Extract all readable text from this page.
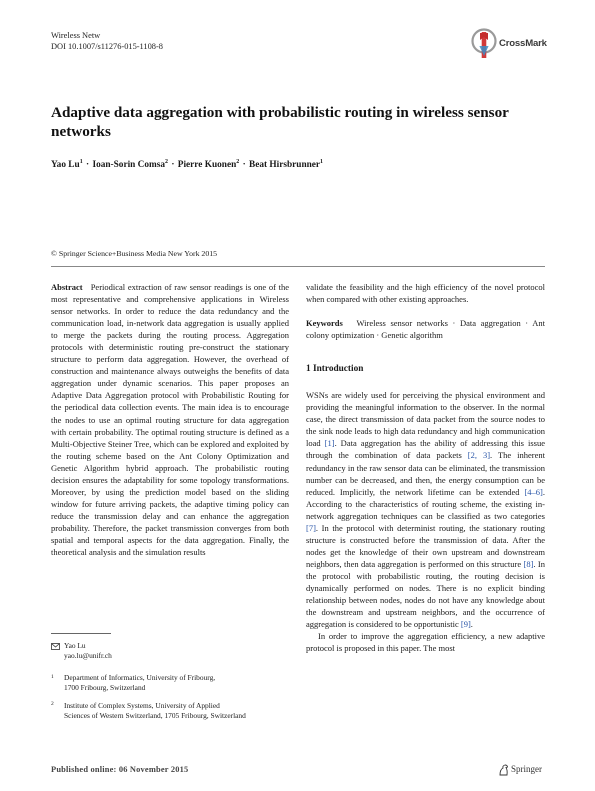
Wireless Netw
DOI 10.1007/s11276-015-1108-8	CrossMark
Adaptive data aggregation with probabilistic routing in wireless sensor networks
Yao $Lu^1$ · Ioan-Sorin Comsa$^2$ · Pierre Kuonen$^2$ · Beat Hirsbrunner$^1$
© Springer Science+Business Media New York 2015

Abstract Periodical extraction of raw sensor readings is one of the most representative and comprehensive applications in Wireless sensor networks. In order to reduce the data redundancy and the communication load, in-network data aggregation is usually applied to merge the packets during the routing process. Aggregation protocols with deterministic routing pre-construct the stationary structure to perform data aggregation. However, the overhead of construction and maintenance always outweighs the benefits of data aggregation under dynamic scenarios. This paper proposes an Adaptive Data Aggregation protocol with Probabilistic Routing for the periodical data collection events. The main idea is to encourage the nodes to use an optimal routing structure for data aggregation with certain probability. The optimal routing structure is defined as a Multi-Objective Steiner Tree, which can be explored and exploited by the routing scheme based on the Ant Colony Optimization and Genetic Algorithm hybrid approach. The probabilistic routing decision ensures the adaptability for some topology transformations. Moreover, by using the prediction model based on the sliding window for future arriving packets, the adaptive timing policy can reduce the transmission delay and can enhance the aggregation probability. Therefore, the packet transmission converges from both spatial and temporal aspects for the data aggregation. Finally, the theoretical analysis and the simulation results

validate the feasibility and the high efficiency of the novel protocol when compared with other existing approaches.

Keywords Wireless sensor networks · Data aggregation · Ant colony optimization · Genetic algorithm

1 Introduction

WSNs are widely used for perceiving the physical environment and providing the meaningful information to the observer. In the normal case, the direct transmission of data packet from the source nodes to the sink node leads to high data redundancy and high communication load [1]. Data aggregation has the ability of addressing this issue through the combination of data packets [2, 3]. The inherent redundancy in the raw sensor data can be eliminated, the transmission number can be decreased, and then, the energy consumption can be reduced. Implicitly, the network lifetime can be extended [4–6]. According to the characteristics of routing scheme, the existing in-network aggregation techniques can be classified as two categories [7]. In the protocol with determinist routing, the stationary routing structure is constructed before the transmission of data. After the nodes get the knowledge of their own upstream and downstream neighbors, then data aggregation is performed on this structure [8]. In the protocol with probabilistic routing, the routing decision is dynamically performed on nodes. There is no explicit binding relationship between nodes, nodes do not have any knowledge about the downstream and upstream neighbors, and the occurrence of aggregation is considered to be opportunistic [9].

In order to improve the aggregation efficiency, a new adaptive protocol is proposed in this paper. The most

Yao Lu
yao.lu@unifr.ch
1 Department of Informatics, University of Fribourg,
1700 Fribourg, Switzerland
2 Institute of Complex Systems, University of Applied
Sciences of Western Switzerland, 1705 Fribourg, Switzerland
Published online: 06 November 2015	Springer
